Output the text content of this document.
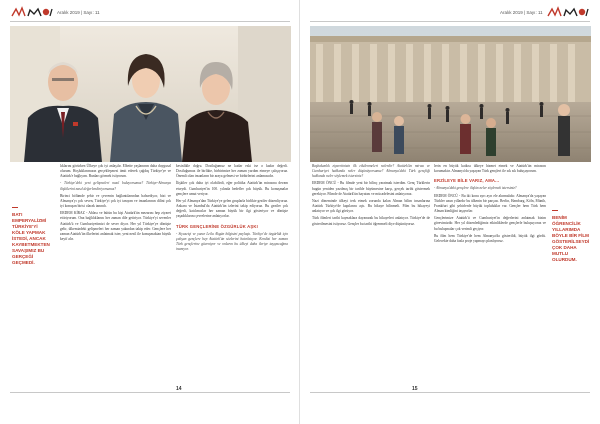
Aralık 2019 | Sayı: 11
BATI EMPERYALİZMİ TÜRKİYE'Yİ KÖLE YAPMAK İSTEDİ, ANCAK KAYBETMEKTEN SAVAŞIMIZ BU GERÇEĞİ GEÇMEDİ.

lıklarını görürken Ülkeye çok iyi anlaşılır. Elbette yaşlanırım daha duygusal olurum. Hoşluklarımızın gerçekleşmesi ümit ederek çağdaş Türkiye'ye ve Atatürk'e bağlıyım. Bunları görmek istiyorum.

- Türkiye'deki yeni gelişmeleri nasıl buluyorsunuz? Türkiye-Almanya ilişkilerini nasıl değerlendiriyorsunuz?

Birinci bölümde şehir ve çevrenin bağlantılarından bahsediyor, bizi ve Almanya'yı çok seven, Türkiye'yi çok iyi tanıyan ve insanlarının dilini çok iyi konuşan birisi olarak tanındı.

ERDEM KİRAZ - Ablası ve bütün bu kişi Atatürk'ün mezarını hep ziyaret ettiriyorum. Ona bağlılıklarını her zaman dile getiriyor. Türkiye'yi sevenler Atatürk'ü ve Cumhuriyetimizi de sever diyor. Her yıl Türkiye'ye dönüşte gelir, ülkemizdeki gelişmeleri her zaman yakından takip eder. Gençlere her zaman Atatürk'ün ilkelerini anlatmak ister, yeni nesil ile konuşmaktan büyük keyif alır.

kesinlikle doğru. Dostluğumuz ne kadar eski ise o kadar değerli. Dostluğumuz ile birlikte, birbirimize her zaman yardım etmeye çalışıyoruz. Önemli olan insanların bir araya gelmesi ve birbirlerini anlamasıdır.

İlişkiler çok daha iyi olabilirdi, eğer politika Atatürk'ün mirasına devam etseydi. Cumhuriyet'in 100. yılında hedefler çok büyük. Bu konuşmalar gençlere umut veriyor.

Her yıl Almanya'dan Türkiye'ye gelen gruplarla birlikte geziler düzenliyoruz. Ankara ve İstanbul'da Atatürk'ün izlerini takip ediyoruz. Bu geziler çok değerli, katılımcılar her zaman büyük bir ilgi gösteriyor ve dönüşte yaşadıklarını çevrelerine anlatıyorlar.

TÜRK GENÇLERİNE ÖZGÜRLÜK AŞKI

- Siyasetçi ve yazar Leila Akgün bilgisini paylaştı. Türkiye'de özgürlük için çalışan gençlere hep Atatürk'ün sözlerini hatırlatıyor. Kendisi her zaman Türk gençlerine güveniyor ve onların bu ülkeyi daha ileriye taşıyacağına inanıyor.

14
Aralık 2019 | Sayı: 11

Başbakanlık ziyaretinizin ilk etkilenmeleri nelerdir? Atatürk'ün mirası ve Cumhuriyet hakkında neler düşünüyorsunuz? Almanya'daki Türk gençliği hakkında neler söylemek istersiniz?

ERDEM ÖNCÜ - Bu filmde yeni bir bilinç yaratmak isterdim. Genç Türklerin bugün yeniden yazılmış bir tarihle büyümesine karşı, gerçek tarihi göstermek gerekiyor. Filmde de Atatürk'ün hayatını ve mücadelesini anlatıyoruz.

Nazi döneminde ülkeyi terk etmek zorunda kalan Alman bilim insanlarına Atatürk Türkiye'de kapılarını açtı. Bu hikaye bilinmeli. Film bu hikayeyi anlatıyor ve çok ilgi görüyor.

Türk filmleri tarihi kaynaklara dayanarak bu hikayeleri anlatıyor. Türkiye'de de gösterilmesini istiyoruz. Gençler bu tarihi öğrenmeli diye düşünüyoruz.

lerin en büyük katkısı ülkeye hizmet etmek ve Atatürk'ün mirasını korumaktır. Almanya'da yaşayan Türk gençleri ile sık sık buluşuyorum.

ERZİLEYE BİLE VARIZ, AMA...

- Almanya'daki gençlere ilişkin neler söylemek istersiniz?

ERDEM ÖNCÜ - Bu iki konu ayrı ayrı ele alınmalıdır. Almanya'da yaşayan Türkler uzun yıllardır bu ülkenin bir parçası. Berlin, Hamburg, Köln, Münih, Frankfurt gibi şehirlerde büyük topluluklar var. Gençler hem Türk hem Alman kimliğini taşıyorlar.

Gençlerimize Atatürk'ü ve Cumhuriyet'in değerlerini anlatmak bizim görevimizdir. Her yıl düzenlediğimiz etkinliklerde gençlerle buluşuyoruz ve bu buluşmalar çok verimli geçiyor.

Bu film hem Türkiye'de hem Almanya'da gösterildi, büyük ilgi gördü. Gelecekte daha fazla proje yapmayı planlıyoruz.

BENİM ÖĞRENCİLİK YILLARIMDA BÖYLE BİR FİLM GÖSTERİLSEYDİ ÇOK DAHA MUTLU OLURDUM.
15
